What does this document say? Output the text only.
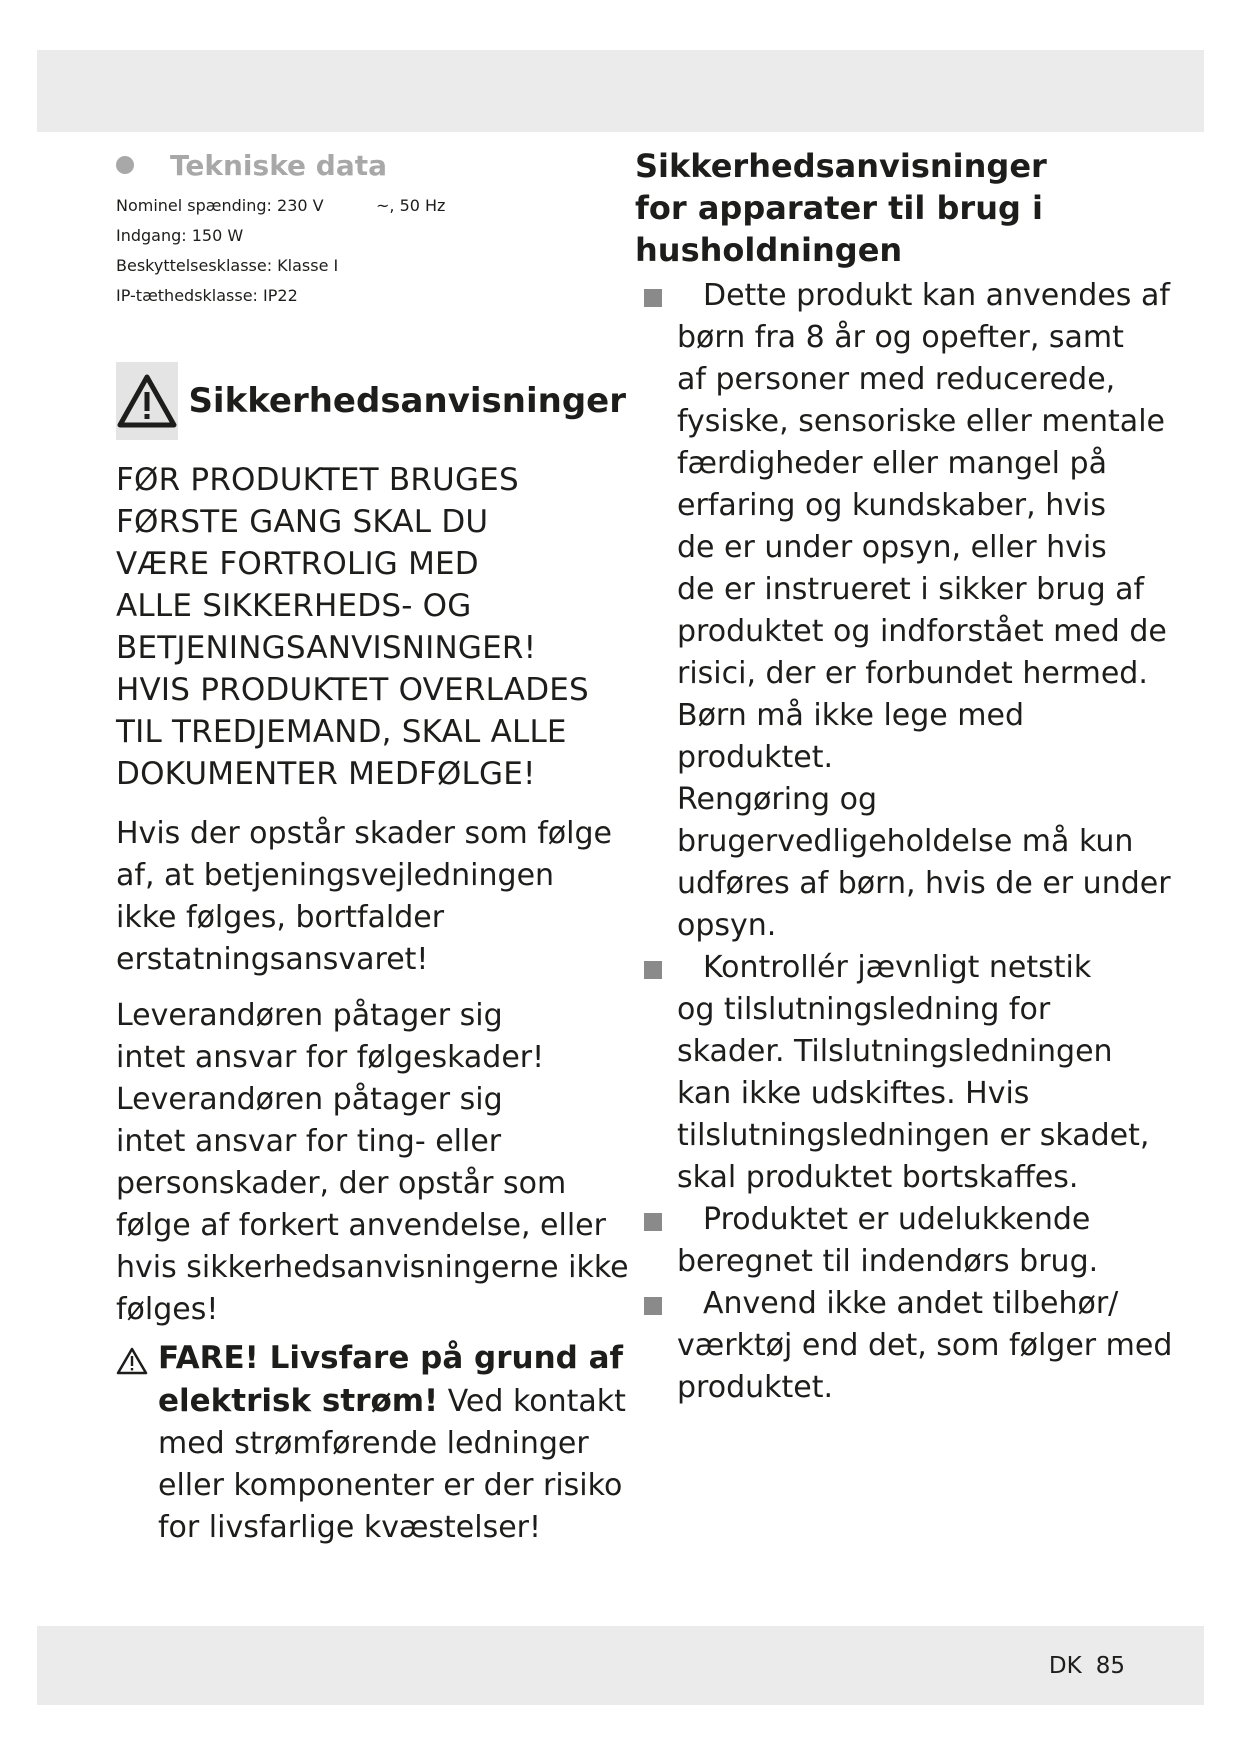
Tekniske data
Nominel spænding: 230 V	~, 50 Hz
Indgang: 150 W
Beskyttelsesklasse: Klasse I
IP-tæthedsklasse: IP22
Sikkerhedsanvisninger
FØR PRODUKTET BRUGES
FØRSTE GANG SKAL DU
VÆRE FORTROLIG MED
ALLE SIKKERHEDS- OG
BETJENINGSANVISNINGER!
HVIS PRODUKTET OVERLADES
TIL TREDJEMAND, SKAL ALLE
DOKUMENTER MEDFØLGE!
Hvis der opstår skader som følge
af, at betjeningsvejledningen
ikke følges, bortfalder
erstatningsansvaret!
Leverandøren påtager sig
intet ansvar for følgeskader!
Leverandøren påtager sig
intet ansvar for ting- eller
personskader, der opstår som
følge af forkert anvendelse, eller
hvis sikkerhedsanvisningerne ikke
følges!
FARE! Livsfare på grund af
elektrisk strøm! Ved kontakt
med strømførende ledninger
eller komponenter er der risiko
for livsfarlige kvæstelser!
Sikkerhedsanvisninger
for apparater til brug i
husholdningen
Dette produkt kan anvendes af
børn fra 8 år og opefter, samt
af personer med reducerede,
fysiske, sensoriske eller mentale
færdigheder eller mangel på
erfaring og kundskaber, hvis
de er under opsyn, eller hvis
de er instrueret i sikker brug af
produktet og indforstået med de
risici, der er forbundet hermed.
Børn må ikke lege med
produktet.
Rengøring og
brugervedligeholdelse må kun
udføres af børn, hvis de er under
opsyn.
Kontrollér jævnligt netstik
og tilslutningsledning for
skader. Tilslutningsledningen
kan ikke udskiftes. Hvis
tilslutningsledningen er skadet,
skal produktet bortskaffes.
Produktet er udelukkende
beregnet til indendørs brug.
Anvend ikke andet tilbehør/
værktøj end det, som følger med
produktet.
DK 85
